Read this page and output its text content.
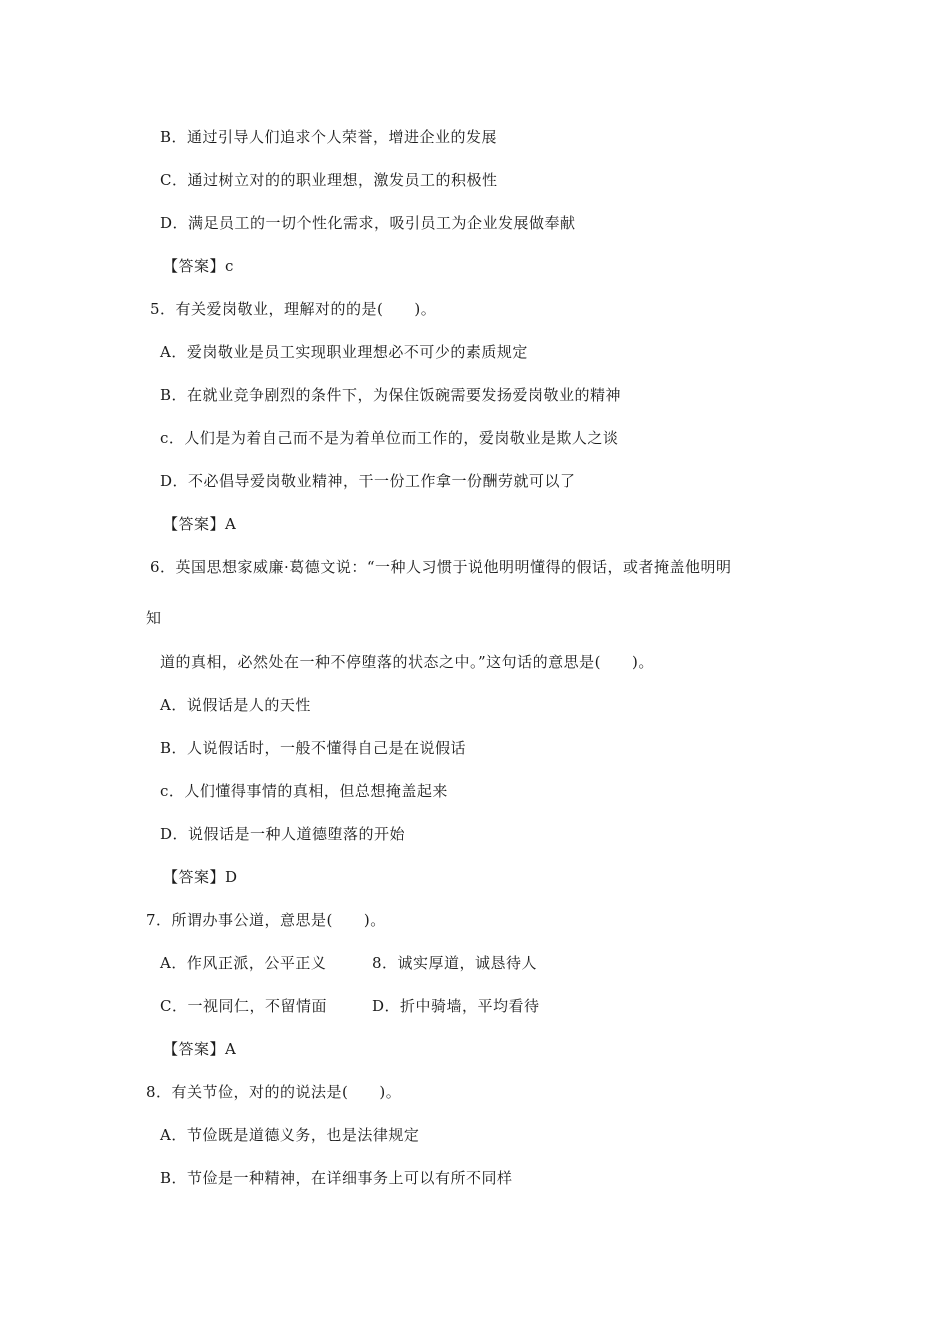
B．通过引导人们追求个人荣誉，增进企业的发展
C．通过树立对的的职业理想，激发员工的积极性
D．满足员工的一切个性化需求，吸引员工为企业发展做奉献
【答案】c
5．有关爱岗敬业，理解对的的是(　　)。
A．爱岗敬业是员工实现职业理想必不可少的素质规定
B．在就业竞争剧烈的条件下，为保住饭碗需要发扬爱岗敬业的精神
c．人们是为着自己而不是为着单位而工作的，爱岗敬业是欺人之谈
D．不必倡导爱岗敬业精神，干一份工作拿一份酬劳就可以了
【答案】A
6．英国思想家威廉·葛德文说：“一种人习惯于说他明明懂得的假话，或者掩盖他明明
知
道的真相，必然处在一种不停堕落的状态之中。”这句话的意思是(　　)。
A．说假话是人的天性
B．人说假话时，一般不懂得自己是在说假话
c．人们懂得事情的真相，但总想掩盖起来
D．说假话是一种人道德堕落的开始
【答案】D
7．所谓办事公道，意思是(　　)。
A．作风正派，公平正义	8．诚实厚道，诚恳待人
C．一视同仁，不留情面	D．折中骑墙，平均看待
【答案】A
8．有关节俭，对的的说法是(　　)。
A．节俭既是道德义务，也是法律规定
B．节俭是一种精神，在详细事务上可以有所不同样
